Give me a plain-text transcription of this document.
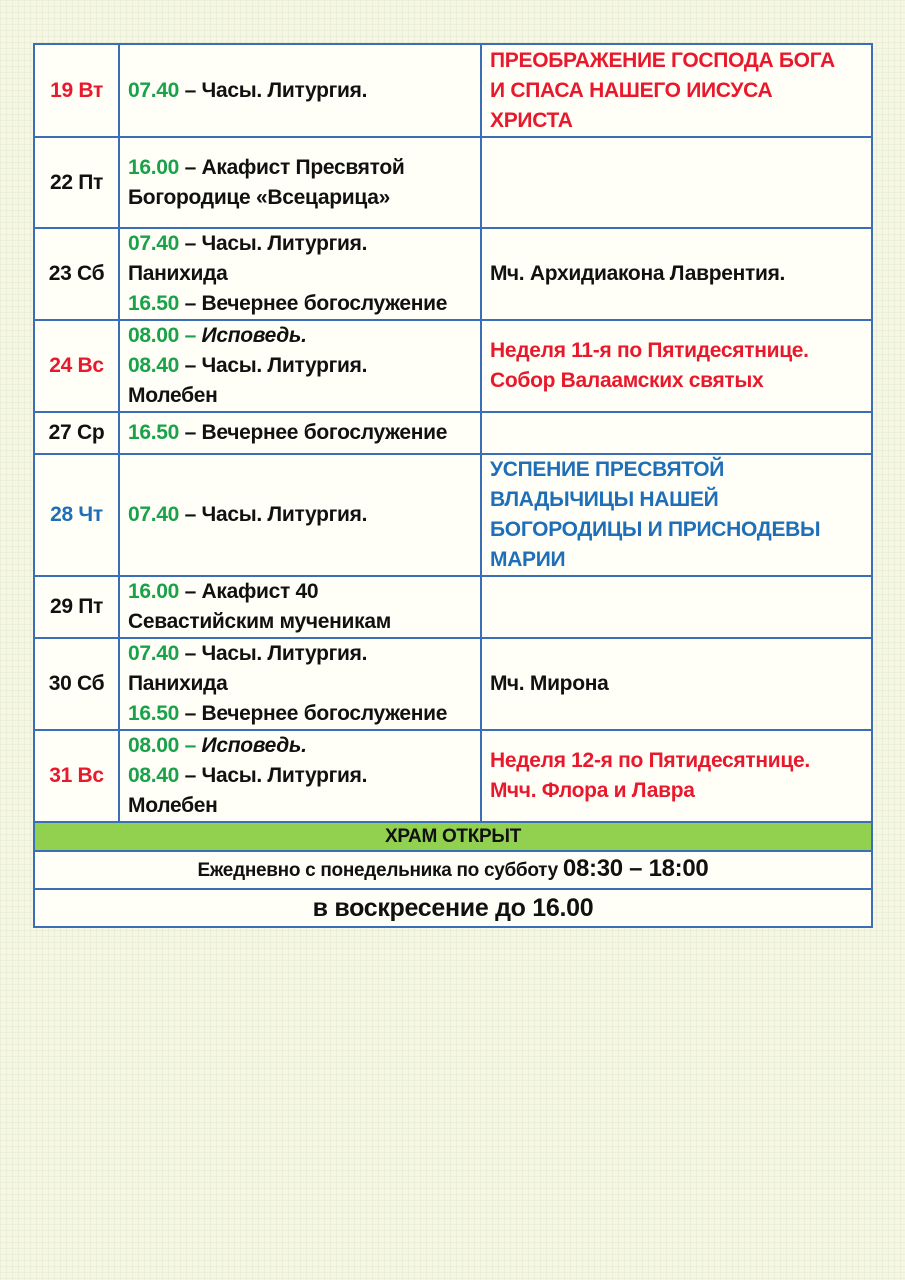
19 Вт	07.40 – Часы. Литургия.	ПРЕОБРАЖЕНИЕ ГОСПОДА БОГА
И СПАСА НАШЕГО ИИСУСА
ХРИСТА

22 Пт	16.00 – Акафист Пресвятой
Богородице «Всецарица»	

23 Сб	07.40 – Часы. Литургия.
Панихида
16.50 – Вечернее богослужение	Мч. Архидиакона Лаврентия.

24 Вс	08.00 – Исповедь.
08.40 – Часы. Литургия.
Молебен	Неделя 11-я по Пятидесятнице.
Собор Валаамских святых

27 Ср	16.50 – Вечернее богослужение	

28 Чт	07.40 – Часы. Литургия.	УСПЕНИЕ ПРЕСВЯТОЙ
ВЛАДЫЧИЦЫ НАШЕЙ
БОГОРОДИЦЫ И ПРИСНОДЕВЫ
МАРИИ

29 Пт	16.00 – Акафист 40
Севастийским мученикам	

30 Сб	07.40 – Часы. Литургия.
Панихида
16.50 – Вечернее богослужение	Мч. Мирона

31 Вс	08.00 – Исповедь.
08.40 – Часы. Литургия.
Молебен	Неделя 12-я по Пятидесятнице.
Мчч. Флора и Лавра

ХРАМ ОТКРЫТ		
Ежедневно с понедельника по субботу 08:30 – 18:00		
в воскресение до 16.00		
